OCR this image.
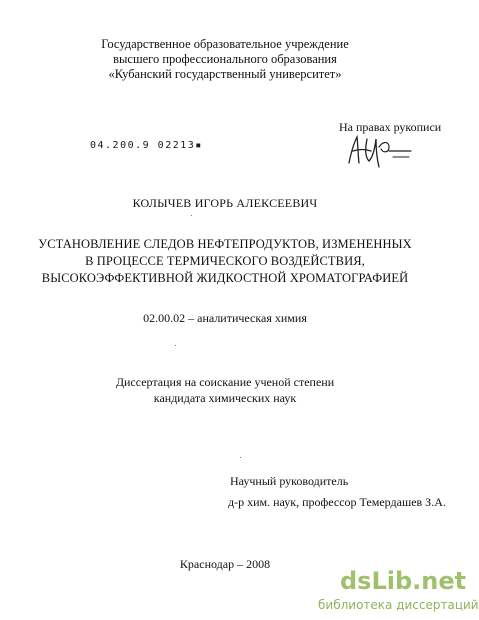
Государственное образовательное учреждение
высшего профессионального образования
«Кубанский государственный университет»
На правах рукописи
04.200.9 02213▪
КОЛЫЧЕВ ИГОРЬ АЛЕКСЕЕВИЧ
УСТАНОВЛЕНИЕ СЛЕДОВ НЕФТЕПРОДУКТОВ, ИЗМЕНЕННЫХ
В ПРОЦЕССЕ ТЕРМИЧЕСКОГО ВОЗДЕЙСТВИЯ,
ВЫСОКОЭФФЕКТИВНОЙ ЖИДКОСТНОЙ ХРОМАТОГРАФИЕЙ
02.00.02 – аналитическая химия
Диссертация на соискание ученой степени
кандидата химических наук
Научный руководитель
д-р хим. наук, профессор Темердашев З.А.
Краснодар – 2008
dsLib.net
библиотека диссертаций
